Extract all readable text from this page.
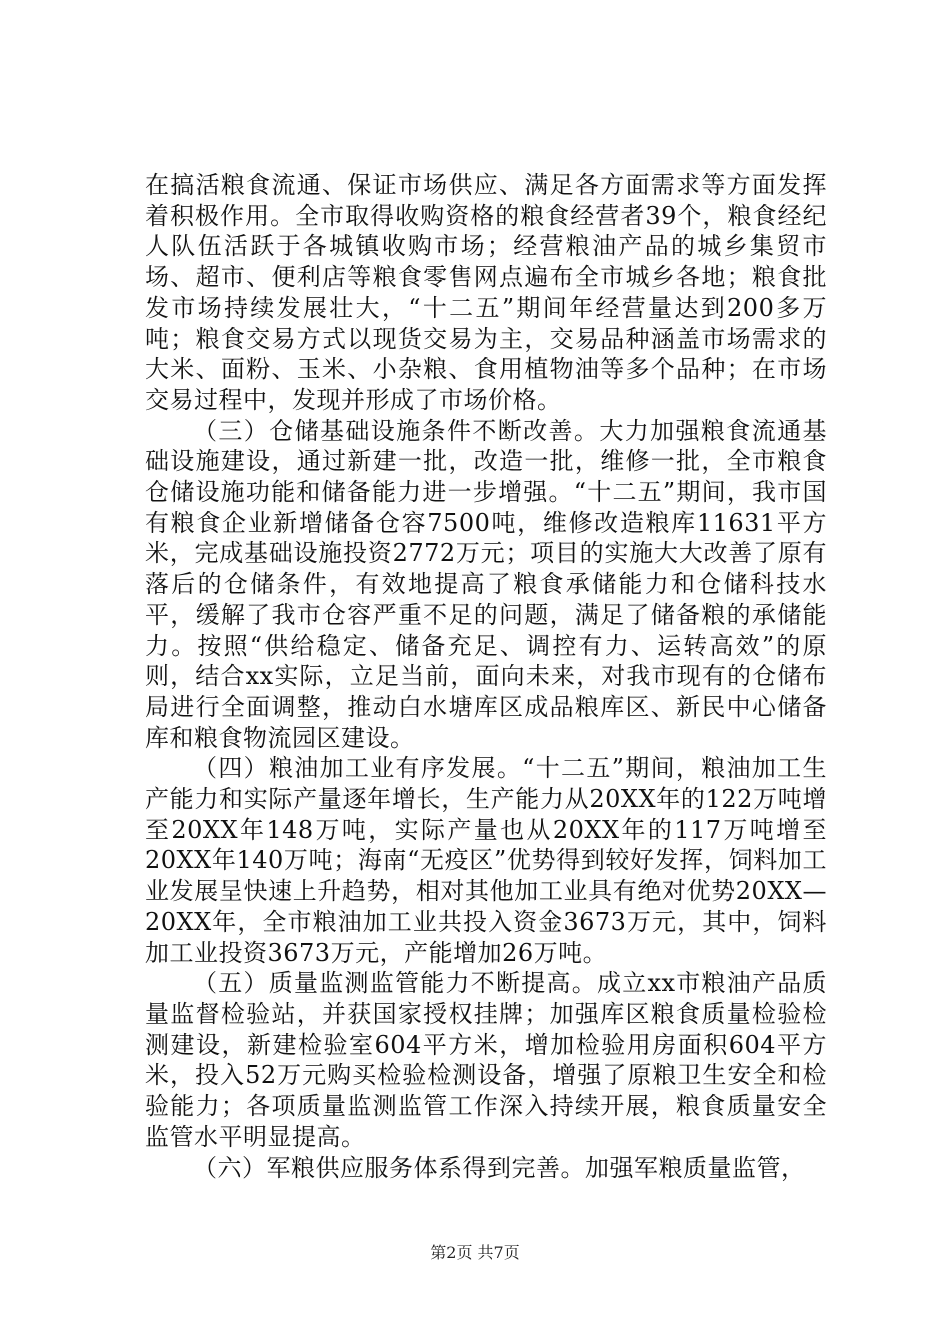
在搞活粮食流通、保证市场供应、满足各方面需求等方面发挥着积极作用。全市取得收购资格的粮食经营者39个，粮食经纪人队伍活跃于各城镇收购市场；经营粮油产品的城乡集贸市场、超市、便利店等粮食零售网点遍布全市城乡各地；粮食批发市场持续发展壮大，“十二五”期间年经营量达到200多万吨；粮食交易方式以现货交易为主，交易品种涵盖市场需求的大米、面粉、玉米、小杂粮、食用植物油等多个品种；在市场交易过程中，发现并形成了市场价格。

（三）仓储基础设施条件不断改善。大力加强粮食流通基础设施建设，通过新建一批，改造一批，维修一批，全市粮食仓储设施功能和储备能力进一步增强。“十二五”期间，我市国有粮食企业新增储备仓容7500吨，维修改造粮库11631平方米，完成基础设施投资2772万元；项目的实施大大改善了原有落后的仓储条件，有效地提高了粮食承储能力和仓储科技水平，缓解了我市仓容严重不足的问题，满足了储备粮的承储能力。按照“供给稳定、储备充足、调控有力、运转高效”的原则，结合xx实际，立足当前，面向未来，对我市现有的仓储布局进行全面调整，推动白水塘库区成品粮库区、新民中心储备库和粮食物流园区建设。

（四）粮油加工业有序发展。“十二五”期间，粮油加工生产能力和实际产量逐年增长，生产能力从20XX年的122万吨增至20XX年148万吨，实际产量也从20XX年的117万吨增至20XX年140万吨；海南“无疫区”优势得到较好发挥，饲料加工业发展呈快速上升趋势，相对其他加工业具有绝对优势20XX—20XX年，全市粮油加工业共投入资金3673万元，其中，饲料加工业投资3673万元，产能增加26万吨。

（五）质量监测监管能力不断提高。成立xx市粮油产品质量监督检验站，并获国家授权挂牌；加强库区粮食质量检验检测建设，新建检验室604平方米，增加检验用房面积604平方米，投入52万元购买检验检测设备，增强了原粮卫生安全和检验能力；各项质量监测监管工作深入持续开展，粮食质量安全监管水平明显提高。

（六）军粮供应服务体系得到完善。加强军粮质量监管，

第2页 共7页
